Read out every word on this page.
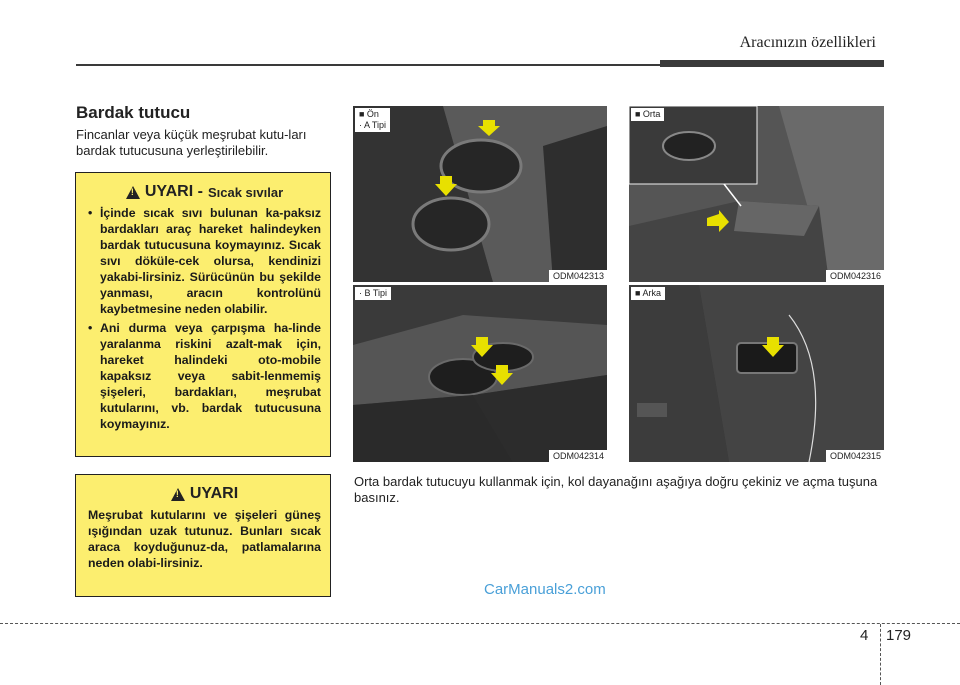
Aracınızın özellikleri
Bardak tutucu
Fincanlar veya küçük meşrubat kutu-ları bardak tutucusuna yerleştirilebilir.
!
UYARI - Sıcak sıvılar
• İçinde sıcak sıvı bulunan ka-paksız bardakları araç hareket halindeyken bardak tutucusuna koymayınız. Sıcak sıvı döküle-cek olursa, kendinizi yakabi-lirsiniz. Sürücünün bu şekilde yanması, aracın kontrolünü kaybetmesine neden olabilir.
• Ani durma veya çarpışma ha-linde yaralanma riskini azalt-mak için, hareket halindeki oto-mobile kapaksız veya sabit-lenmemiş şişeleri, bardakları, meşrubat kutularını, vb. bardak tutucusuna koymayınız.
!
UYARI
Meşrubat kutularını ve şişeleri güneş ışığından uzak tutunuz. Bunları sıcak araca koyduğunuz-da, patlamalarına neden olabi-lirsiniz.
■ Ön
· A Tipi
ODM042313
· B Tipi
ODM042314
■ Orta
ODM042316
■ Arka
ODM042315
Orta bardak tutucuyu kullanmak için, kol dayanağını aşağıya doğru çekiniz ve açma tuşuna basınız.
CarManuals2.com
4 179
